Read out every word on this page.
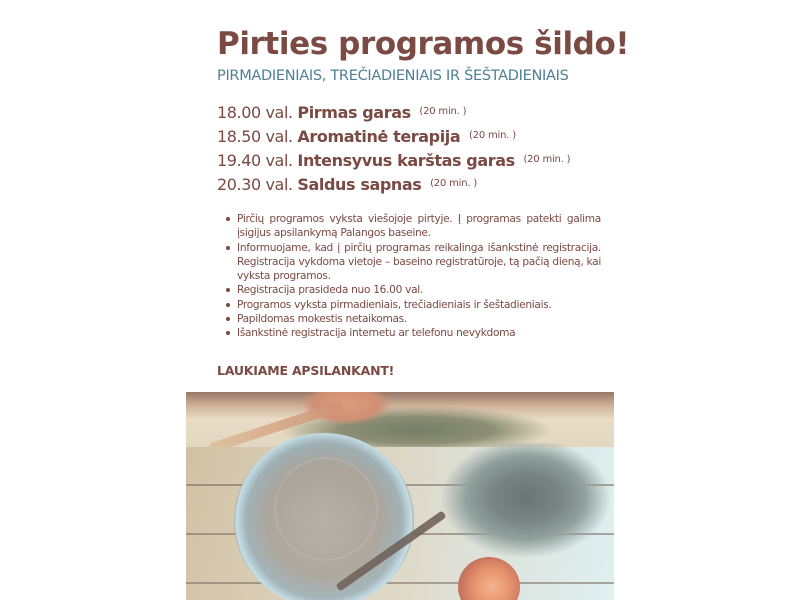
Pirties programos šildo!
PIRMADIENIAIS, TREČIADIENIAIS IR ŠEŠTADIENIAIS
18.00 val. Pirmas garas $^{(20 min. )}$
18.50 val. Aromatinė terapija $^{(20 min. )}$
19.40 val. Intensyvus karštas garas $^{(20 min. )}$
20.30 val. Saldus sapnas $^{(20 min. )}$
Pirčių programos vyksta viešojoje pirtyje. Į programas patekti galima įsigijus apsilankymą Palangos baseine.
Informuojame, kad į pirčių programas reikalinga išankstinė registracija. Registracija vykdoma vietoje – baseino registratūroje, tą pačią dieną, kai vyksta programos.
Registracija prasideda nuo 16.00 val.
Programos vyksta pirmadieniais, trečiadieniais ir šeštadieniais.
Papildomas mokestis netaikomas.
Išankstinė registracija internetu ar telefonu nevykdoma
LAUKIAME APSILANKANT!
